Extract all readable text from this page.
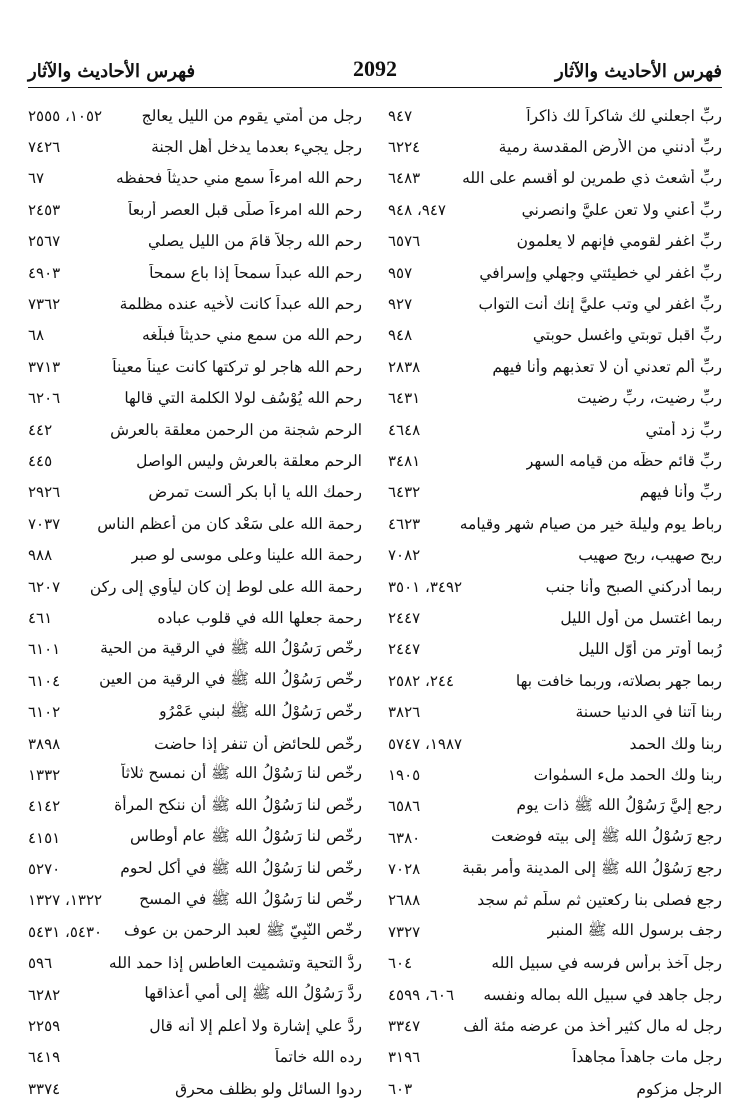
فهرس الأحاديث والآثار
2092
فهرس الأحاديث والآثار
ربِّ اجعلني لك شاكراً لك ذاكراً
٩٤٧
ربِّ أدنني من الأرض المقدسة رمية
٦٢٢٤
ربِّ أشعث ذي طمرين لو أقسم على الله
٦٤٨٣
ربِّ أعني ولا تعن عليَّ وانصرني
٩٤٧، ٩٤٨
ربِّ اغفر لقومي فإنهم لا يعلمون
٦٥٧٦
ربِّ اغفر لي خطيئتي وجهلي وإسرافي
٩٥٧
ربِّ اغفر لي وتب عليَّ إنك أنت التواب
٩٢٧
ربِّ اقبل توبتي واغسل حوبتي
٩٤٨
ربِّ ألم تعدني أن لا تعذبهم وأنا فيهم
٢٨٣٨
ربِّ رضيت، ربِّ رضيت
٦٤٣١
ربِّ زد أمتي
٤٦٤٨
ربِّ قائم حظُّه من قيامه السهر
٣٤٨١
ربِّ وأنا فيهم
٦٤٣٢
رباط يوم وليلة خير من صيام شهر وقيامه
٤٦٢٣
ربح صهيب، ربح صهيب
٧٠٨٢
ربما أدركني الصبح وأنا جنب
٣٤٩٢، ٣٥٠١
ربما اغتسل من أول الليل
٢٤٤٧
رُبما أوتر من أوّل الليل
٢٤٤٧
ربما جهر بصلاته، وربما خافت بها
٢٤٤، ٢٥٨٢
ربنا آتنا في الدنيا حسنة
٣٨٢٦
ربنا ولك الحمد
١٩٨٧، ٥٧٤٧
ربنا ولك الحمد ملء السمٰوات
١٩٠٥
رجع إليَّ رَسُوْلُ الله ﷺ ذات يوم
٦٥٨٦
رجع رَسُوْلُ الله ﷺ إلى بيته فوضعت
٦٣٨٠
رجع رَسُوْلُ الله ﷺ إلى المدينة وأمر بقبة
٧٠٢٨
رجع فصلى بنا ركعتين ثم سلّم ثم سجد
٢٦٨٨
رجف برسول الله ﷺ المنبر
٧٣٢٧
رجل آخذ برأس فرسه في سبيل الله
٦٠٤
رجل جاهد في سبيل الله بماله ونفسه
٦٠٦، ٤٥٩٩
رجل له مال كثير أخذ من عرضه مئة ألف
٣٣٤٧
رجل مات جاهداً مجاهداً
٣١٩٦
الرجل مزكوم
٦٠٣
رجل من أمتي يقوم من الليل يعالج
١٠٥٢، ٢٥٥٥
رجل يجيء بعدما يدخل أهل الجنة
٧٤٢٦
رحم الله امرءاً سمع مني حديثاً فحفظه
٦٧
رحم الله امرءاً صلّى قبل العصر أربعاً
٢٤٥٣
رحم الله رجلاً قامَ من الليل يصلي
٢٥٦٧
رحم الله عبداً سمحاً إذا باع سمحاً
٤٩٠٣
رحم الله عبداً كانت لأخيه عنده مظلمة
٧٣٦٢
رحم الله من سمع مني حديثاً فبلَّغه
٦٨
رحم الله هاجر لو تركتها كانت عيناً معيناً
٣٧١٣
رحم الله يُوْسُف لولا الكلمة التي قالها
٦٢٠٦
الرحم شجنة من الرحمن معلقة بالعرش
٤٤٢
الرحم معلقة بالعرش وليس الواصل
٤٤٥
رحمك الله يا أبا بكر ألست تمرض
٢٩٢٦
رحمة الله على سَعْد كان من أعظم الناس
٧٠٣٧
رحمة الله علينا وعلى موسى لو صبر
٩٨٨
رحمة الله على لوط إن كان ليأوي إلى ركن
٦٢٠٧
رحمة جعلها الله في قلوب عباده
٤٦١
رخّص رَسُوْلُ الله ﷺ في الرقية من الحية
٦١٠١
رخّص رَسُوْلُ الله ﷺ في الرقية من العين
٦١٠٤
رخّص رَسُوْلُ الله ﷺ لبني عَمْرُو
٦١٠٢
رخّص للحائض أن تنفر إذا حاضت
٣٨٩٨
رخّص لنا رَسُوْلُ الله ﷺ أن نمسح ثلاثاً
١٣٣٢
رخّص لنا رَسُوْلُ الله ﷺ أن ننكح المرأة
٤١٤٢
رخّص لنا رَسُوْلُ الله ﷺ عام أوطاس
٤١٥١
رخّص لنا رَسُوْلُ الله ﷺ في أكل لحوم
٥٢٧٠
رخّص لنا رَسُوْلُ الله ﷺ في المسح
١٣٢٢، ١٣٢٧
رخّص النّبِيّ ﷺ لعبد الرحمن بن عوف
٥٤٣٠، ٥٤٣١
ردُّ التحية وتشميت العاطس إذا حمد الله
٥٩٦
ردَّ رَسُوْلُ الله ﷺ إلى أمي أعذاقها
٦٢٨٢
ردَّ علي إشارة ولا أعلم إلا أنه قال
٢٢٥٩
رده الله خاتماً
٦٤١٩
ردوا السائل ولو بظلف محرق
٣٣٧٤
